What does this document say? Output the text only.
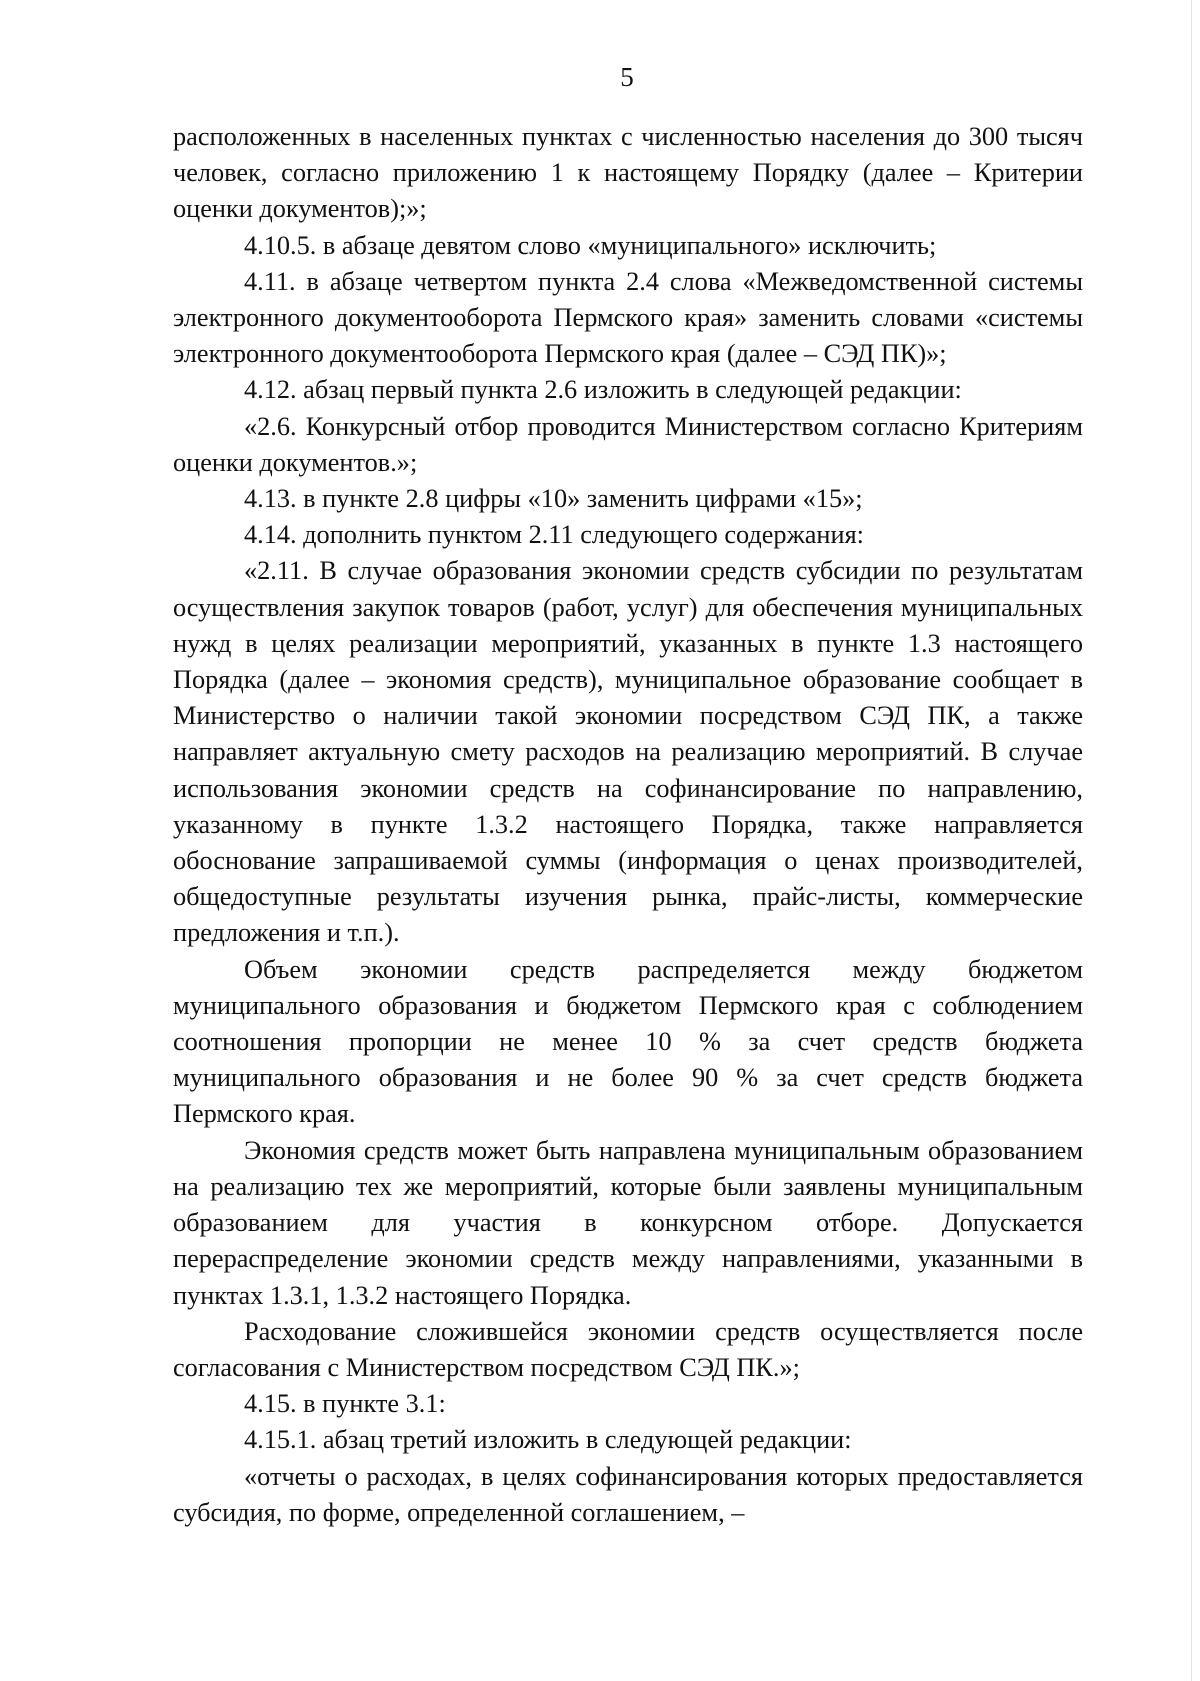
5

расположенных в населенных пунктах с численностью населения до 300 тысяч человек, согласно приложению 1 к настоящему Порядку (далее – Критерии оценки документов);»;

4.10.5. в абзаце девятом слово «муниципального» исключить;

4.11. в абзаце четвертом пункта 2.4 слова «Межведомственной системы электронного документооборота Пермского края» заменить словами «системы электронного документооборота Пермского края (далее – СЭД ПК)»;

4.12. абзац первый пункта 2.6 изложить в следующей редакции:

«2.6. Конкурсный отбор проводится Министерством согласно Критериям оценки документов.»;

4.13. в пункте 2.8 цифры «10» заменить цифрами «15»;

4.14. дополнить пунктом 2.11 следующего содержания:

«2.11. В случае образования экономии средств субсидии по результатам осуществления закупок товаров (работ, услуг) для обеспечения муниципальных нужд в целях реализации мероприятий, указанных в пункте 1.3 настоящего Порядка (далее – экономия средств), муниципальное образование сообщает в Министерство о наличии такой экономии посредством СЭД ПК, а также направляет актуальную смету расходов на реализацию мероприятий. В случае использования экономии средств на софинансирование по направлению, указанному в пункте 1.3.2 настоящего Порядка, также направляется обоснование запрашиваемой суммы (информация о ценах производителей, общедоступные результаты изучения рынка, прайс-листы, коммерческие предложения и т.п.).

Объем экономии средств распределяется между бюджетом муниципального образования и бюджетом Пермского края с соблюдением соотношения пропорции не менее 10 % за счет средств бюджета муниципального образования и не более 90 % за счет средств бюджета Пермского края.

Экономия средств может быть направлена муниципальным образованием на реализацию тех же мероприятий, которые были заявлены муниципальным образованием для участия в конкурсном отборе. Допускается перераспределение экономии средств между направлениями, указанными в пунктах 1.3.1, 1.3.2 настоящего Порядка.

Расходование сложившейся экономии средств осуществляется после согласования с Министерством посредством СЭД ПК.»;

4.15. в пункте 3.1:

4.15.1. абзац третий изложить в следующей редакции:

«отчеты о расходах, в целях софинансирования которых предоставляется субсидия, по форме, определенной соглашением, –
